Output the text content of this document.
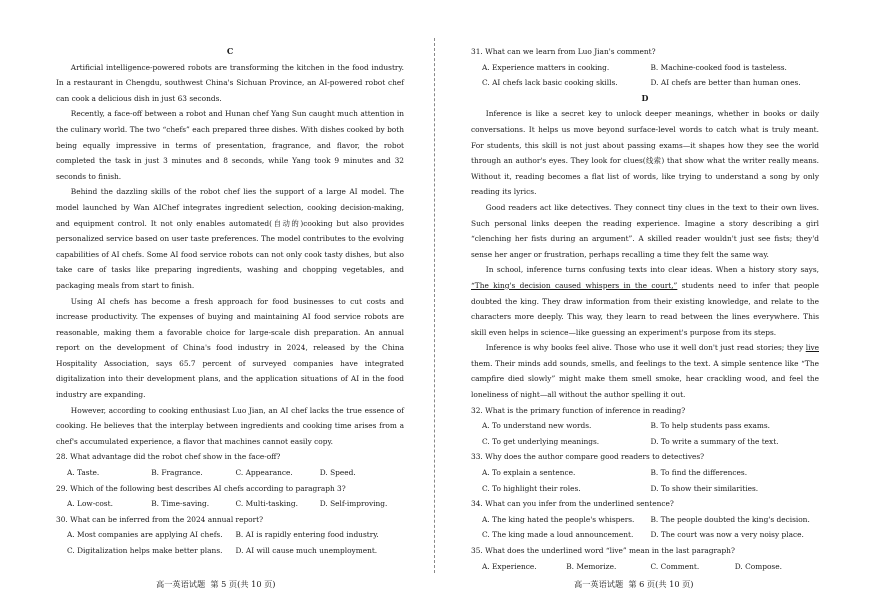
C

Artificial intelligence-powered robots are transforming the kitchen in the food industry. In a restaurant in Chengdu, southwest China's Sichuan Province, an AI-powered robot chef can cook a delicious dish in just 63 seconds.

Recently, a face-off between a robot and Hunan chef Yang Sun caught much attention in the culinary world. The two “chefs” each prepared three dishes. With dishes cooked by both being equally impressive in terms of presentation, fragrance, and flavor, the robot completed the task in just 3 minutes and 8 seconds, while Yang took 9 minutes and 32 seconds to finish.

Behind the dazzling skills of the robot chef lies the support of a large AI model. The model launched by Wan AIChef integrates ingredient selection, cooking decision-making, and equipment control. It not only enables automated(自动的)cooking but also provides personalized service based on user taste preferences. The model contributes to the evolving capabilities of AI chefs. Some AI food service robots can not only cook tasty dishes, but also take care of tasks like preparing ingredients, washing and chopping vegetables, and packaging meals from start to finish.

Using AI chefs has become a fresh approach for food businesses to cut costs and increase productivity. The expenses of buying and maintaining AI food service robots are reasonable, making them a favorable choice for large-scale dish preparation. An annual report on the development of China's food industry in 2024, released by the China Hospitality Association, says 65.7 percent of surveyed companies have integrated digitalization into their development plans, and the application situations of AI in the food industry are expanding.

However, according to cooking enthusiast Luo Jian, an AI chef lacks the true essence of cooking. He believes that the interplay between ingredients and cooking time arises from a chef's accumulated experience, a flavor that machines cannot easily copy.

28. What advantage did the robot chef show in the face-off?

A. Taste.	B. Fragrance.	C. Appearance.	D. Speed.

29. Which of the following best describes AI chefs according to paragraph 3?

A. Low-cost.	B. Time-saving.	C. Multi-tasking.	D. Self-improving.

30. What can be inferred from the 2024 annual report?

A. Most companies are applying AI chefs.	B. AI is rapidly entering food industry.
C. Digitalization helps make better plans.	D. AI will cause much unemployment.

31. What can we learn from Luo Jian's comment?

A. Experience matters in cooking.	B. Machine-cooked food is tasteless.
C. AI chefs lack basic cooking skills.	D. AI chefs are better than human ones.
D

Inference is like a secret key to unlock deeper meanings, whether in books or daily conversations. It helps us move beyond surface-level words to catch what is truly meant. For students, this skill is not just about passing exams—it shapes how they see the world through an author's eyes. They look for clues(线索) that show what the writer really means. Without it, reading becomes a flat list of words, like trying to understand a song by only reading its lyrics.

Good readers act like detectives. They connect tiny clues in the text to their own lives. Such personal links deepen the reading experience. Imagine a story describing a girl “clenching her fists during an argument”. A skilled reader wouldn't just see fists; they'd sense her anger or frustration, perhaps recalling a time they felt the same way.

In school, inference turns confusing texts into clear ideas. When a history story says, “The king's decision caused whispers in the court,” students need to infer that people doubted the king. They draw information from their existing knowledge, and relate to the characters more deeply. This way, they learn to read between the lines everywhere. This skill even helps in science—like guessing an experiment's purpose from its steps.

Inference is why books feel alive. Those who use it well don't just read stories; they live them. Their minds add sounds, smells, and feelings to the text. A simple sentence like “The campfire died slowly” might make them smell smoke, hear crackling wood, and feel the loneliness of night—all without the author spelling it out.

32. What is the primary function of inference in reading?

A. To understand new words.	B. To help students pass exams.
C. To get underlying meanings.	D. To write a summary of the text.

33. Why does the author compare good readers to detectives?

A. To explain a sentence.	B. To find the differences.
C. To highlight their roles.	D. To show their similarities.

34. What can you infer from the underlined sentence?

A. The king hated the people's whispers.	B. The people doubted the king's decision.
C. The king made a loud announcement.	D. The court was now a very noisy place.

35. What does the underlined word “live” mean in the last paragraph?

A. Experience.	B. Memorize.	C. Comment.	D. Compose.
高一英语试题  第 5 页(共 10 页)	高一英语试题  第 6 页(共 10 页)
